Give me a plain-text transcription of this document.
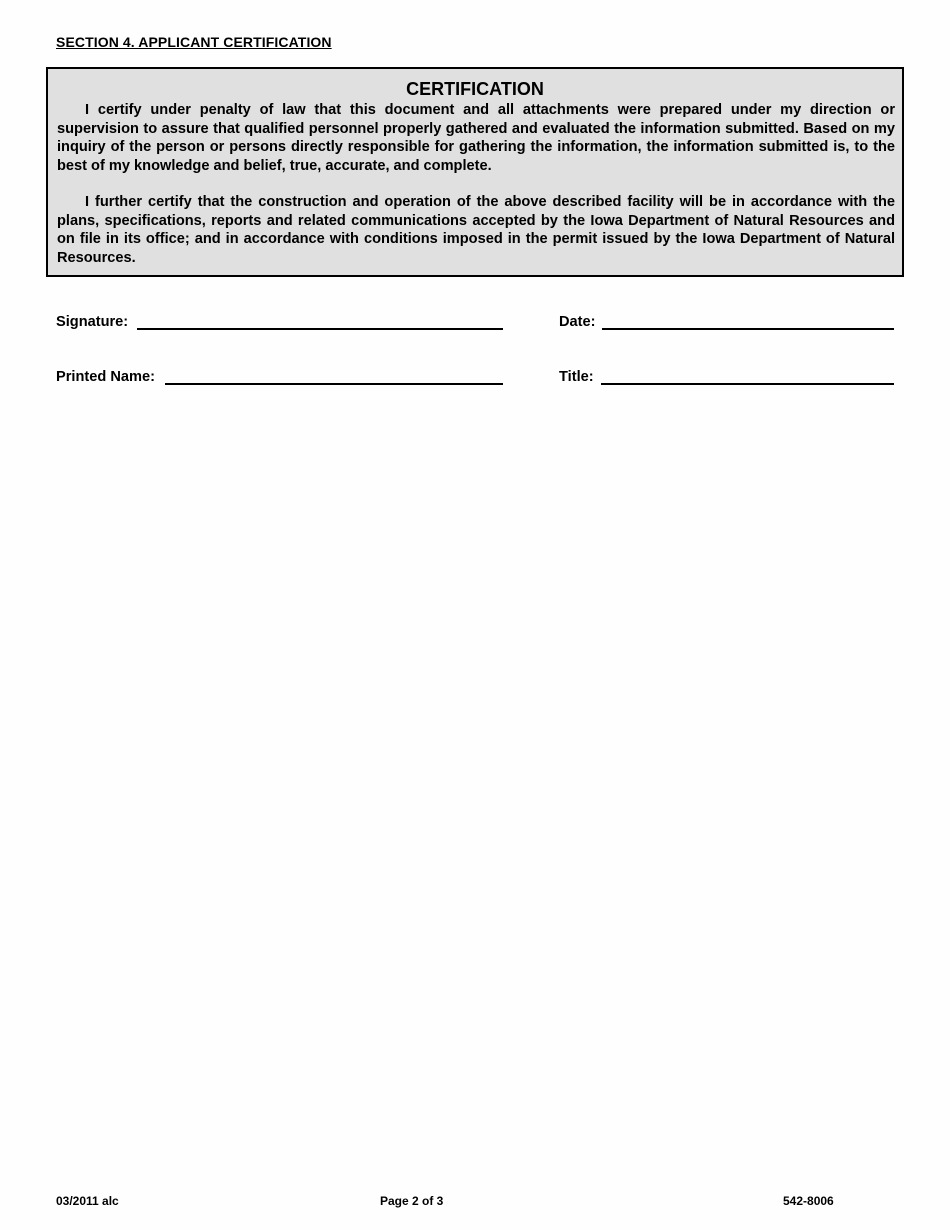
SECTION 4. APPLICANT CERTIFICATION
CERTIFICATION

I certify under penalty of law that this document and all attachments were prepared under my direction or supervision to assure that qualified personnel properly gathered and evaluated the information submitted. Based on my inquiry of the person or persons directly responsible for gathering the information, the information submitted is, to the best of my knowledge and belief, true, accurate, and complete.

I further certify that the construction and operation of the above described facility will be in accordance with the plans, specifications, reports and related communications accepted by the Iowa Department of Natural Resources and on file in its office; and in accordance with conditions imposed in the permit issued by the Iowa Department of Natural Resources.

Signature:	Date:
Printed Name:	Title:
03/2011 alc	Page 2 of 3	542-8006
